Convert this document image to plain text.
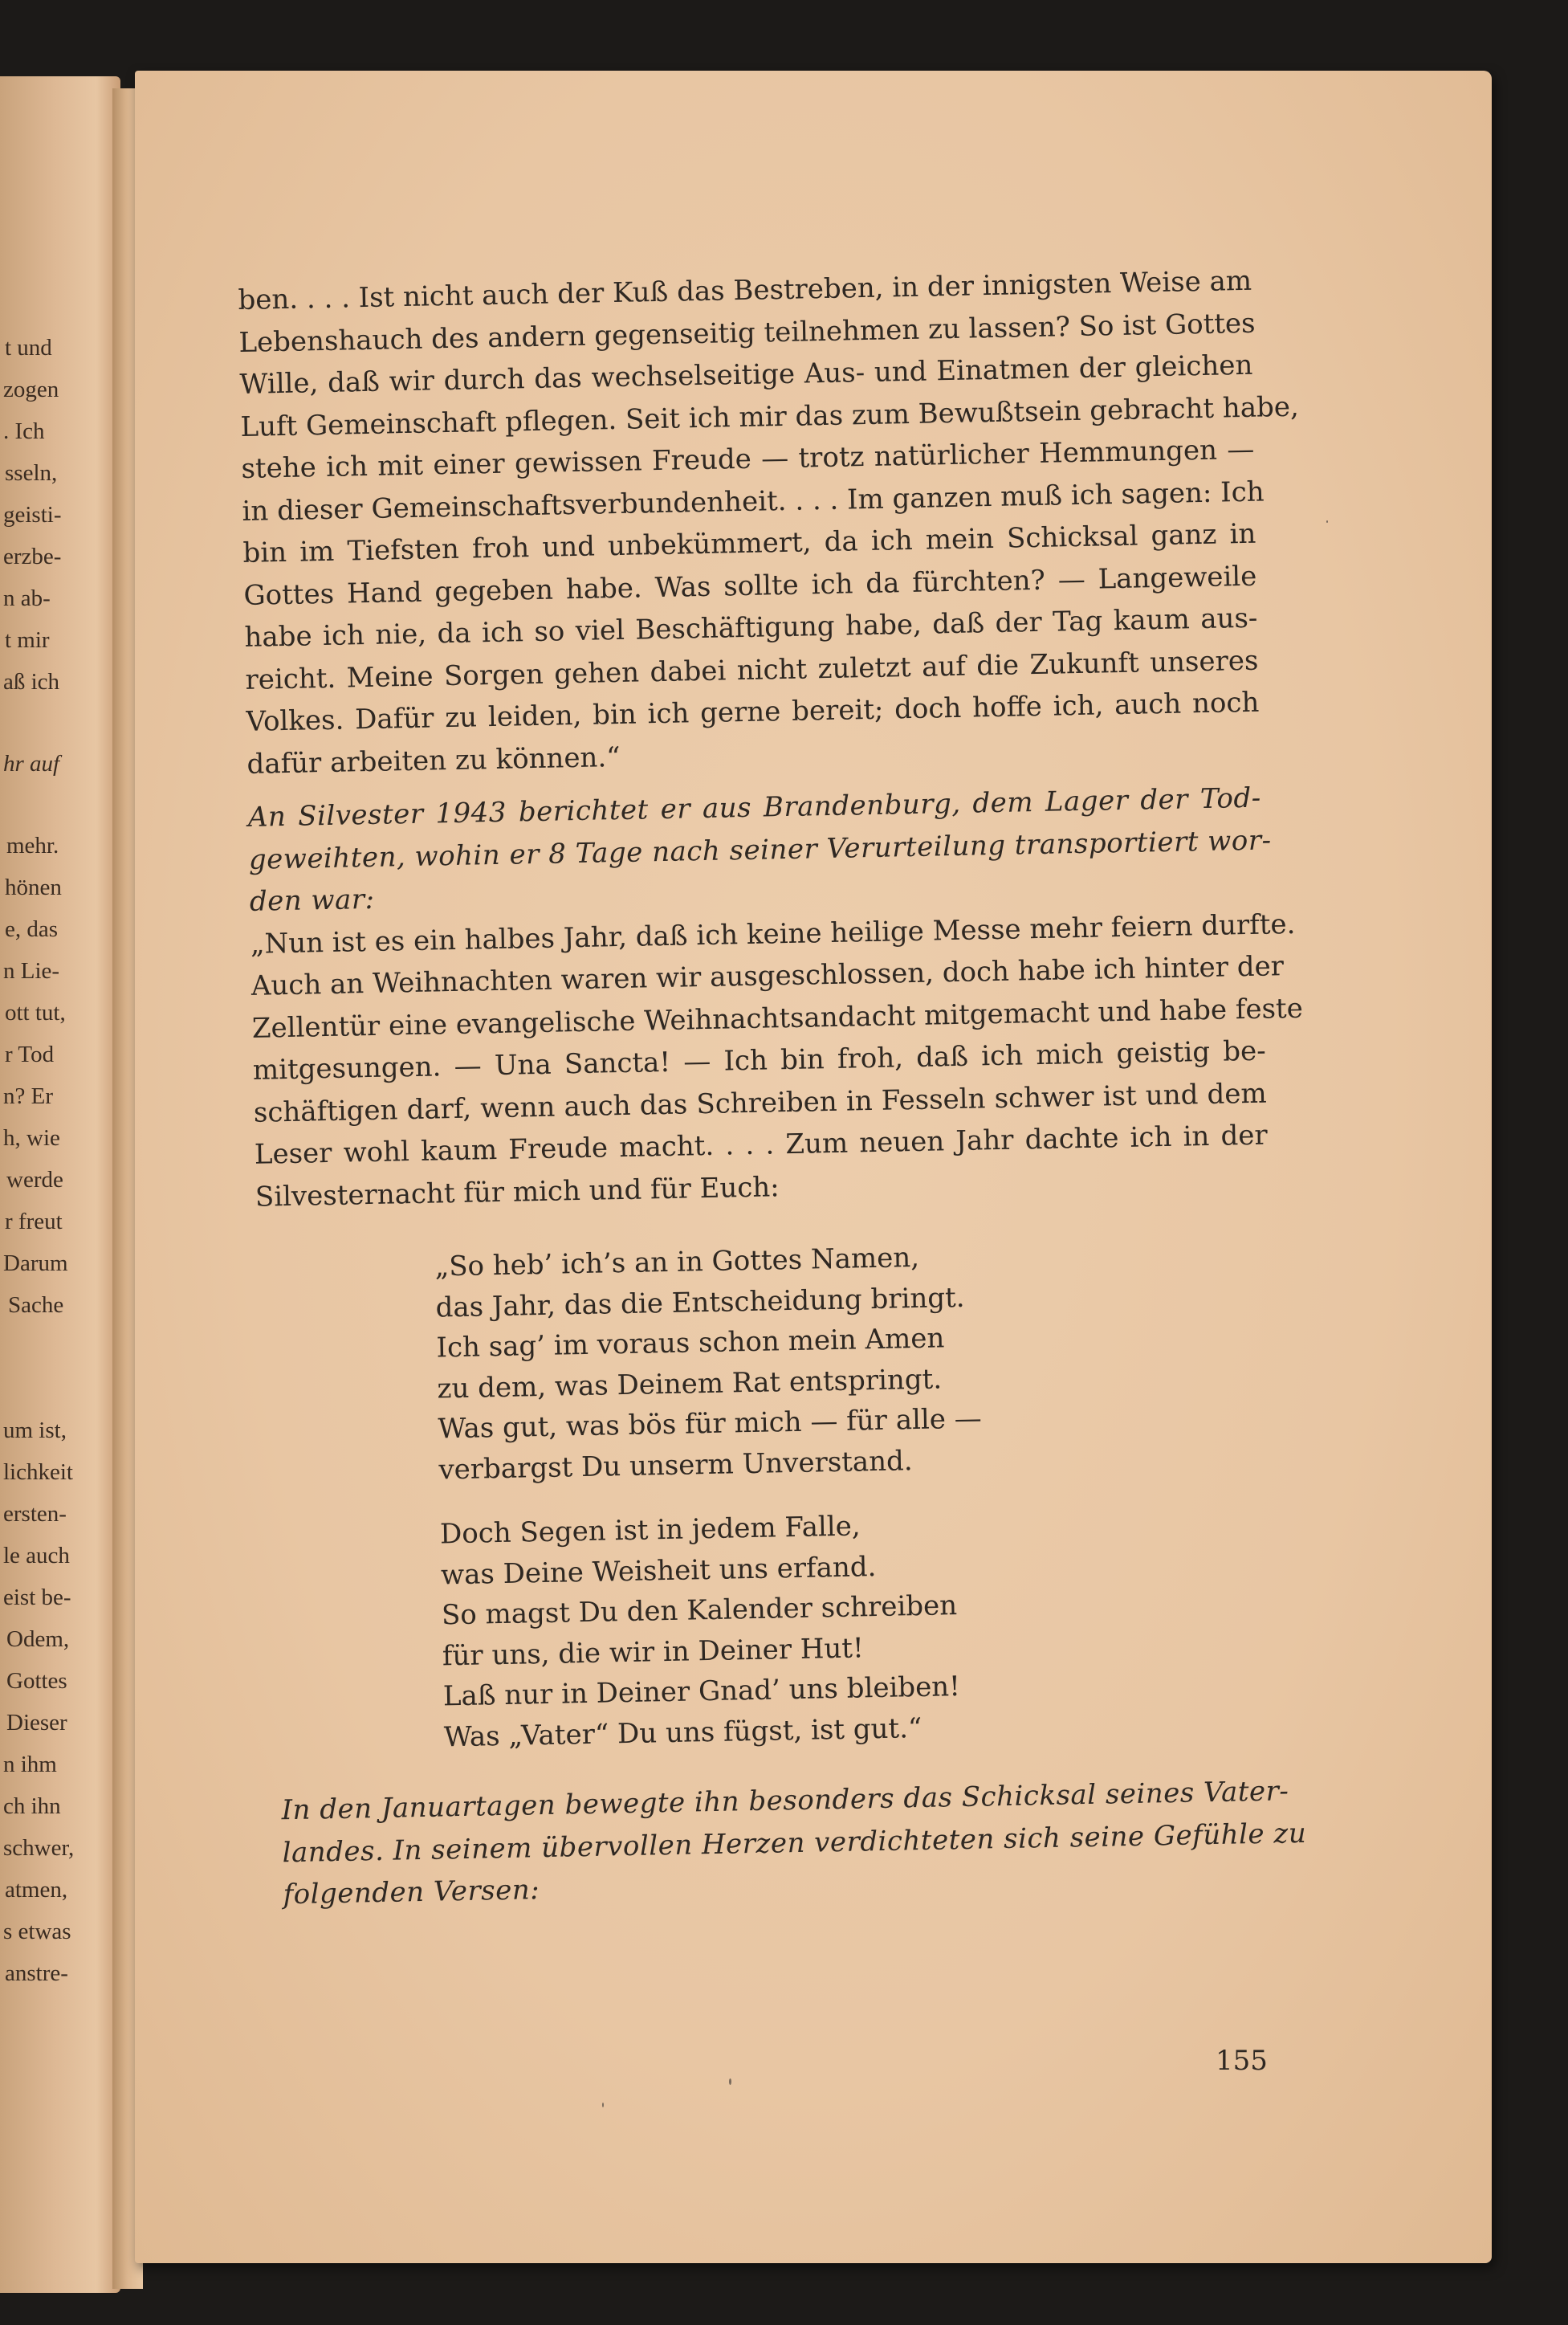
t und
zogen
. Ich
sseln,
geisti-
erzbe-
n ab-
t mir
aß ich
hr auf
mehr.
hönen
e, das
n Lie-
ott tut,
r Tod
n? Er
h, wie
werde
r freut
Darum
Sache
um ist,
lichkeit
ersten-
le auch
eist be-
Odem,
Gottes
Dieser
n ihm
ch ihn
schwer,
atmen,
s etwas
anstre-
ben. . . . Ist nicht auch der Kuß das Bestreben, in der innigsten Weise am
Lebenshauch des andern gegenseitig teilnehmen zu lassen? So ist Gottes
Wille, daß wir durch das wechselseitige Aus- und Einatmen der gleichen
Luft Gemeinschaft pflegen. Seit ich mir das zum Bewußtsein gebracht habe,
stehe ich mit einer gewissen Freude — trotz natürlicher Hemmungen —
in dieser Gemeinschaftsverbundenheit. . . . Im ganzen muß ich sagen: Ich
bin im Tiefsten froh und unbekümmert, da ich mein Schicksal ganz in
Gottes Hand gegeben habe. Was sollte ich da fürchten? — Langeweile
habe ich nie, da ich so viel Beschäftigung habe, daß der Tag kaum aus-
reicht. Meine Sorgen gehen dabei nicht zuletzt auf die Zukunft unseres
Volkes. Dafür zu leiden, bin ich gerne bereit; doch hoffe ich, auch noch
dafür arbeiten zu können.“
An Silvester 1943 berichtet er aus Brandenburg, dem Lager der Tod-
geweihten, wohin er 8 Tage nach seiner Verurteilung transportiert wor-
den war:
„Nun ist es ein halbes Jahr, daß ich keine heilige Messe mehr feiern durfte.
Auch an Weihnachten waren wir ausgeschlossen, doch habe ich hinter der
Zellentür eine evangelische Weihnachtsandacht mitgemacht und habe feste
mitgesungen. — Una Sancta! — Ich bin froh, daß ich mich geistig be-
schäftigen darf, wenn auch das Schreiben in Fesseln schwer ist und dem
Leser wohl kaum Freude macht. . . . Zum neuen Jahr dachte ich in der
Silvesternacht für mich und für Euch:
„So heb’ ich’s an in Gottes Namen,
das Jahr, das die Entscheidung bringt.
Ich sag’ im voraus schon mein Amen
zu dem, was Deinem Rat entspringt.
Was gut, was bös für mich — für alle —
verbargst Du unserm Unverstand.
Doch Segen ist in jedem Falle,
was Deine Weisheit uns erfand.
So magst Du den Kalender schreiben
für uns, die wir in Deiner Hut!
Laß nur in Deiner Gnad’ uns bleiben!
Was „Vater“ Du uns fügst, ist gut.“
In den Januartagen bewegte ihn besonders das Schicksal seines Vater-
landes. In seinem übervollen Herzen verdichteten sich seine Gefühle zu
folgenden Versen:
155
